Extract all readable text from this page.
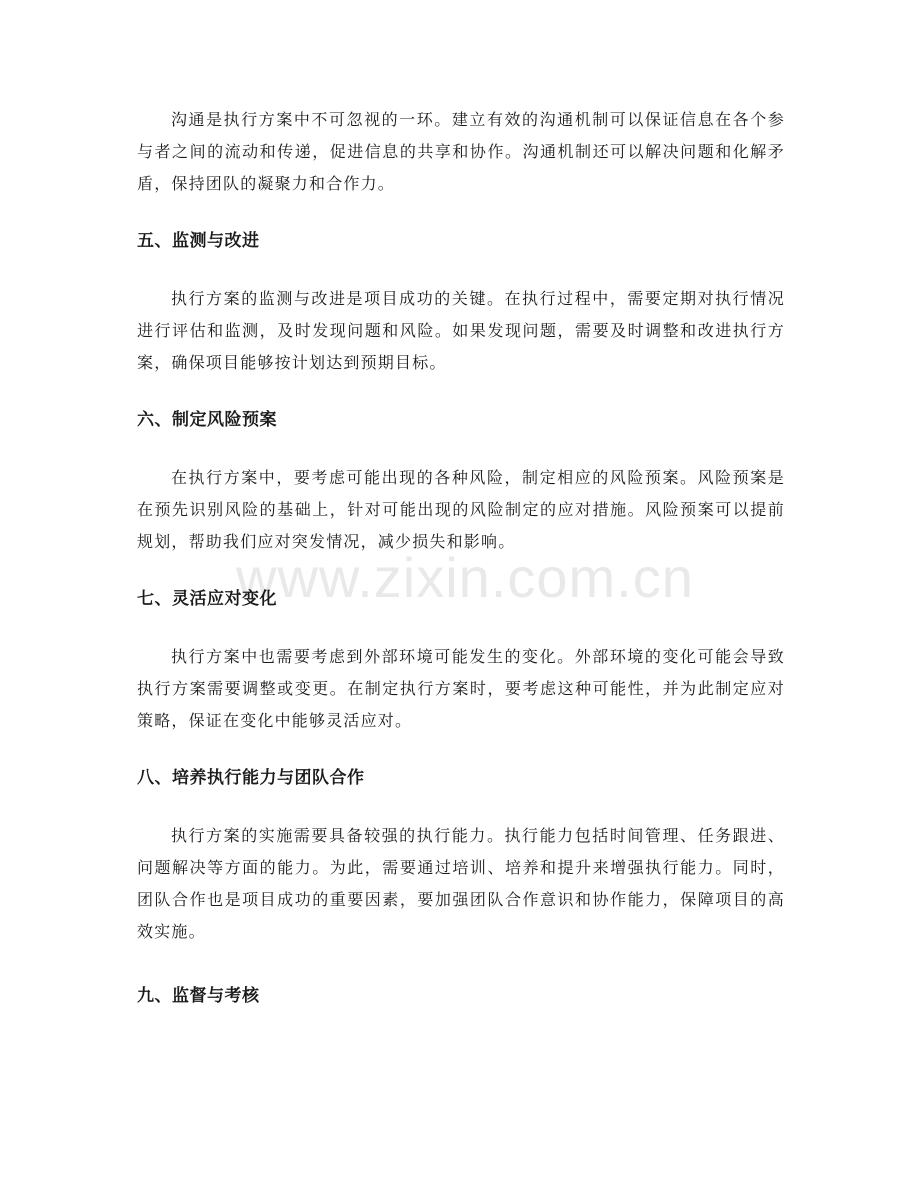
www.zixin.com.cn

沟通是执行方案中不可忽视的一环。建立有效的沟通机制可以保证信息在各个参与者之间的流动和传递，促进信息的共享和协作。沟通机制还可以解决问题和化解矛盾，保持团队的凝聚力和合作力。

五、监测与改进

执行方案的监测与改进是项目成功的关键。在执行过程中，需要定期对执行情况进行评估和监测，及时发现问题和风险。如果发现问题，需要及时调整和改进执行方案，确保项目能够按计划达到预期目标。

六、制定风险预案

在执行方案中，要考虑可能出现的各种风险，制定相应的风险预案。风险预案是在预先识别风险的基础上，针对可能出现的风险制定的应对措施。风险预案可以提前规划，帮助我们应对突发情况，减少损失和影响。

七、灵活应对变化

执行方案中也需要考虑到外部环境可能发生的变化。外部环境的变化可能会导致执行方案需要调整或变更。在制定执行方案时，要考虑这种可能性，并为此制定应对策略，保证在变化中能够灵活应对。

八、培养执行能力与团队合作

执行方案的实施需要具备较强的执行能力。执行能力包括时间管理、任务跟进、问题解决等方面的能力。为此，需要通过培训、培养和提升来增强执行能力。同时，团队合作也是项目成功的重要因素，要加强团队合作意识和协作能力，保障项目的高效实施。

九、监督与考核
